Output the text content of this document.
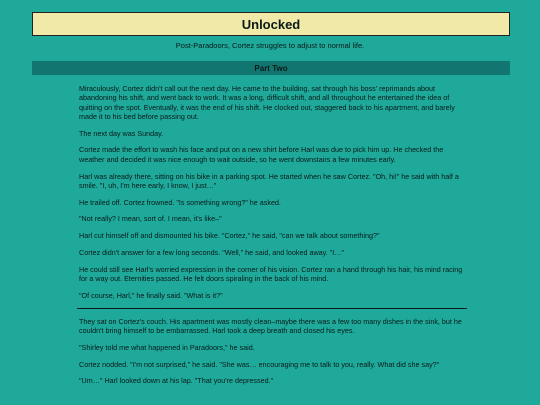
Unlocked
Post-Paradoors, Cortez struggles to adjust to normal life.
Part Two

Miraculously, Cortez didn't call out the next day. He came to the building, sat through his boss' reprimands about abandoning his shift, and went back to work. It was a long, difficult shift, and all throughout he entertained the idea of quitting on the spot. Eventually, it was the end of his shift. He clocked out, staggered back to his apartment, and barely made it to his bed before passing out.

The next day was Sunday.

Cortez made the effort to wash his face and put on a new shirt before Harl was due to pick him up. He checked the weather and decided it was nice enough to wait outside, so he went downstairs a few minutes early.

Harl was already there, sitting on his bike in a parking spot. He started when he saw Cortez. "Oh, hi!" he said with half a smile. "I, uh, I'm here early, I know, I just…"

He trailed off. Cortez frowned. "Is something wrong?" he asked.

"Not really? I mean, sort of. I mean, it's like–"

Harl cut himself off and dismounted his bike. "Cortez," he said, "can we talk about something?"

Cortez didn't answer for a few long seconds. "Well," he said, and looked away. "I…"

He could still see Harl's worried expression in the corner of his vision. Cortez ran a hand through his hair, his mind racing for a way out. Eternities passed. He felt doors spiraling in the back of his mind.

"Of course, Harl," he finally said. "What is it?"

They sat on Cortez's couch. His apartment was mostly clean–maybe there was a few too many dishes in the sink, but he couldn't bring himself to be embarrassed. Harl took a deep breath and closed his eyes.

"Shirley told me what happened in Paradoors," he said.

Cortez nodded. "I'm not surprised," he said. "She was… encouraging me to talk to you, really. What did she say?"

"Um…" Harl looked down at his lap. "That you're depressed."
